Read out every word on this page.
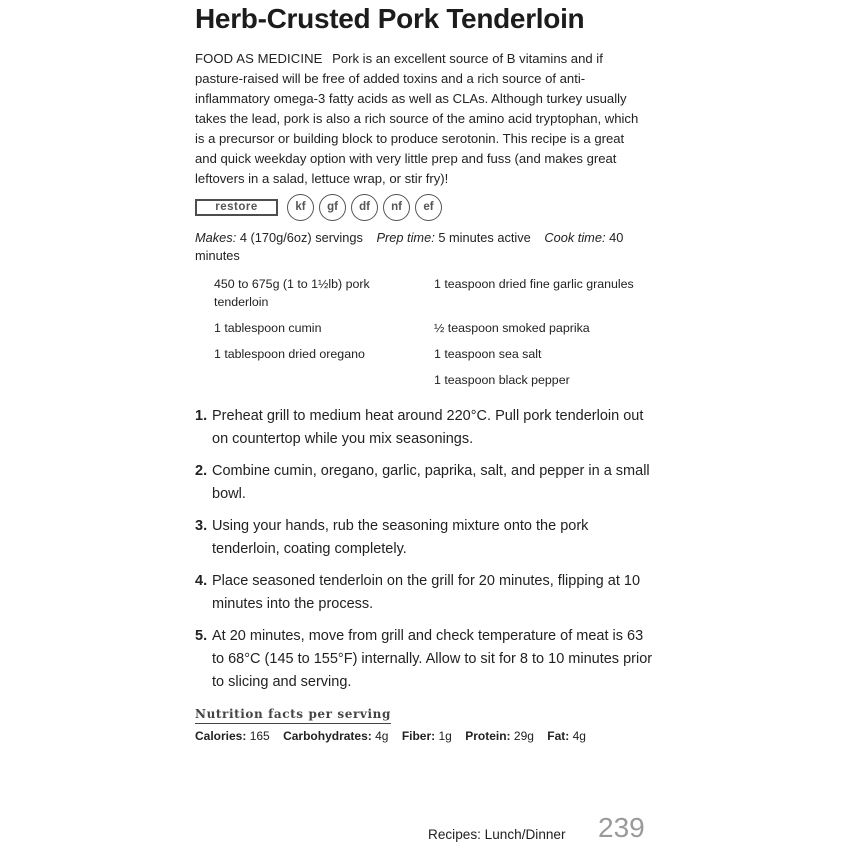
Herb-Crusted Pork Tenderloin
FOOD AS MEDICINE Pork is an excellent source of B vitamins and if pasture-raised will be free of added toxins and a rich source of anti-inflammatory omega-3 fatty acids as well as CLAs. Although turkey usually takes the lead, pork is also a rich source of the amino acid tryptophan, which is a precursor or building block to produce serotonin. This recipe is a great and quick weekday option with very little prep and fuss (and makes great leftovers in a salad, lettuce wrap, or stir fry)!
restore	kf	gf	df	nf	ef
Makes: 4 (170g/6oz) servings Prep time: 5 minutes active Cook time: 40 minutes
450 to 675g (1 to 1½lb) pork tenderloin
1 tablespoon cumin
1 tablespoon dried oregano
1 teaspoon dried fine garlic granules
½ teaspoon smoked paprika
1 teaspoon sea salt
1 teaspoon black pepper
1. Preheat grill to medium heat around 220°C. Pull pork tenderloin out on countertop while you mix seasonings.
2. Combine cumin, oregano, garlic, paprika, salt, and pepper in a small bowl.
3. Using your hands, rub the seasoning mixture onto the pork tenderloin, coating completely.
4. Place seasoned tenderloin on the grill for 20 minutes, flipping at 10 minutes into the process.
5. At 20 minutes, move from grill and check temperature of meat is 63 to 68°C (145 to 155°F) internally. Allow to sit for 8 to 10 minutes prior to slicing and serving.
Nutrition facts per serving
Calories: 165 Carbohydrates: 4g Fiber: 1g Protein: 29g Fat: 4g
Recipes: Lunch/Dinner 239
